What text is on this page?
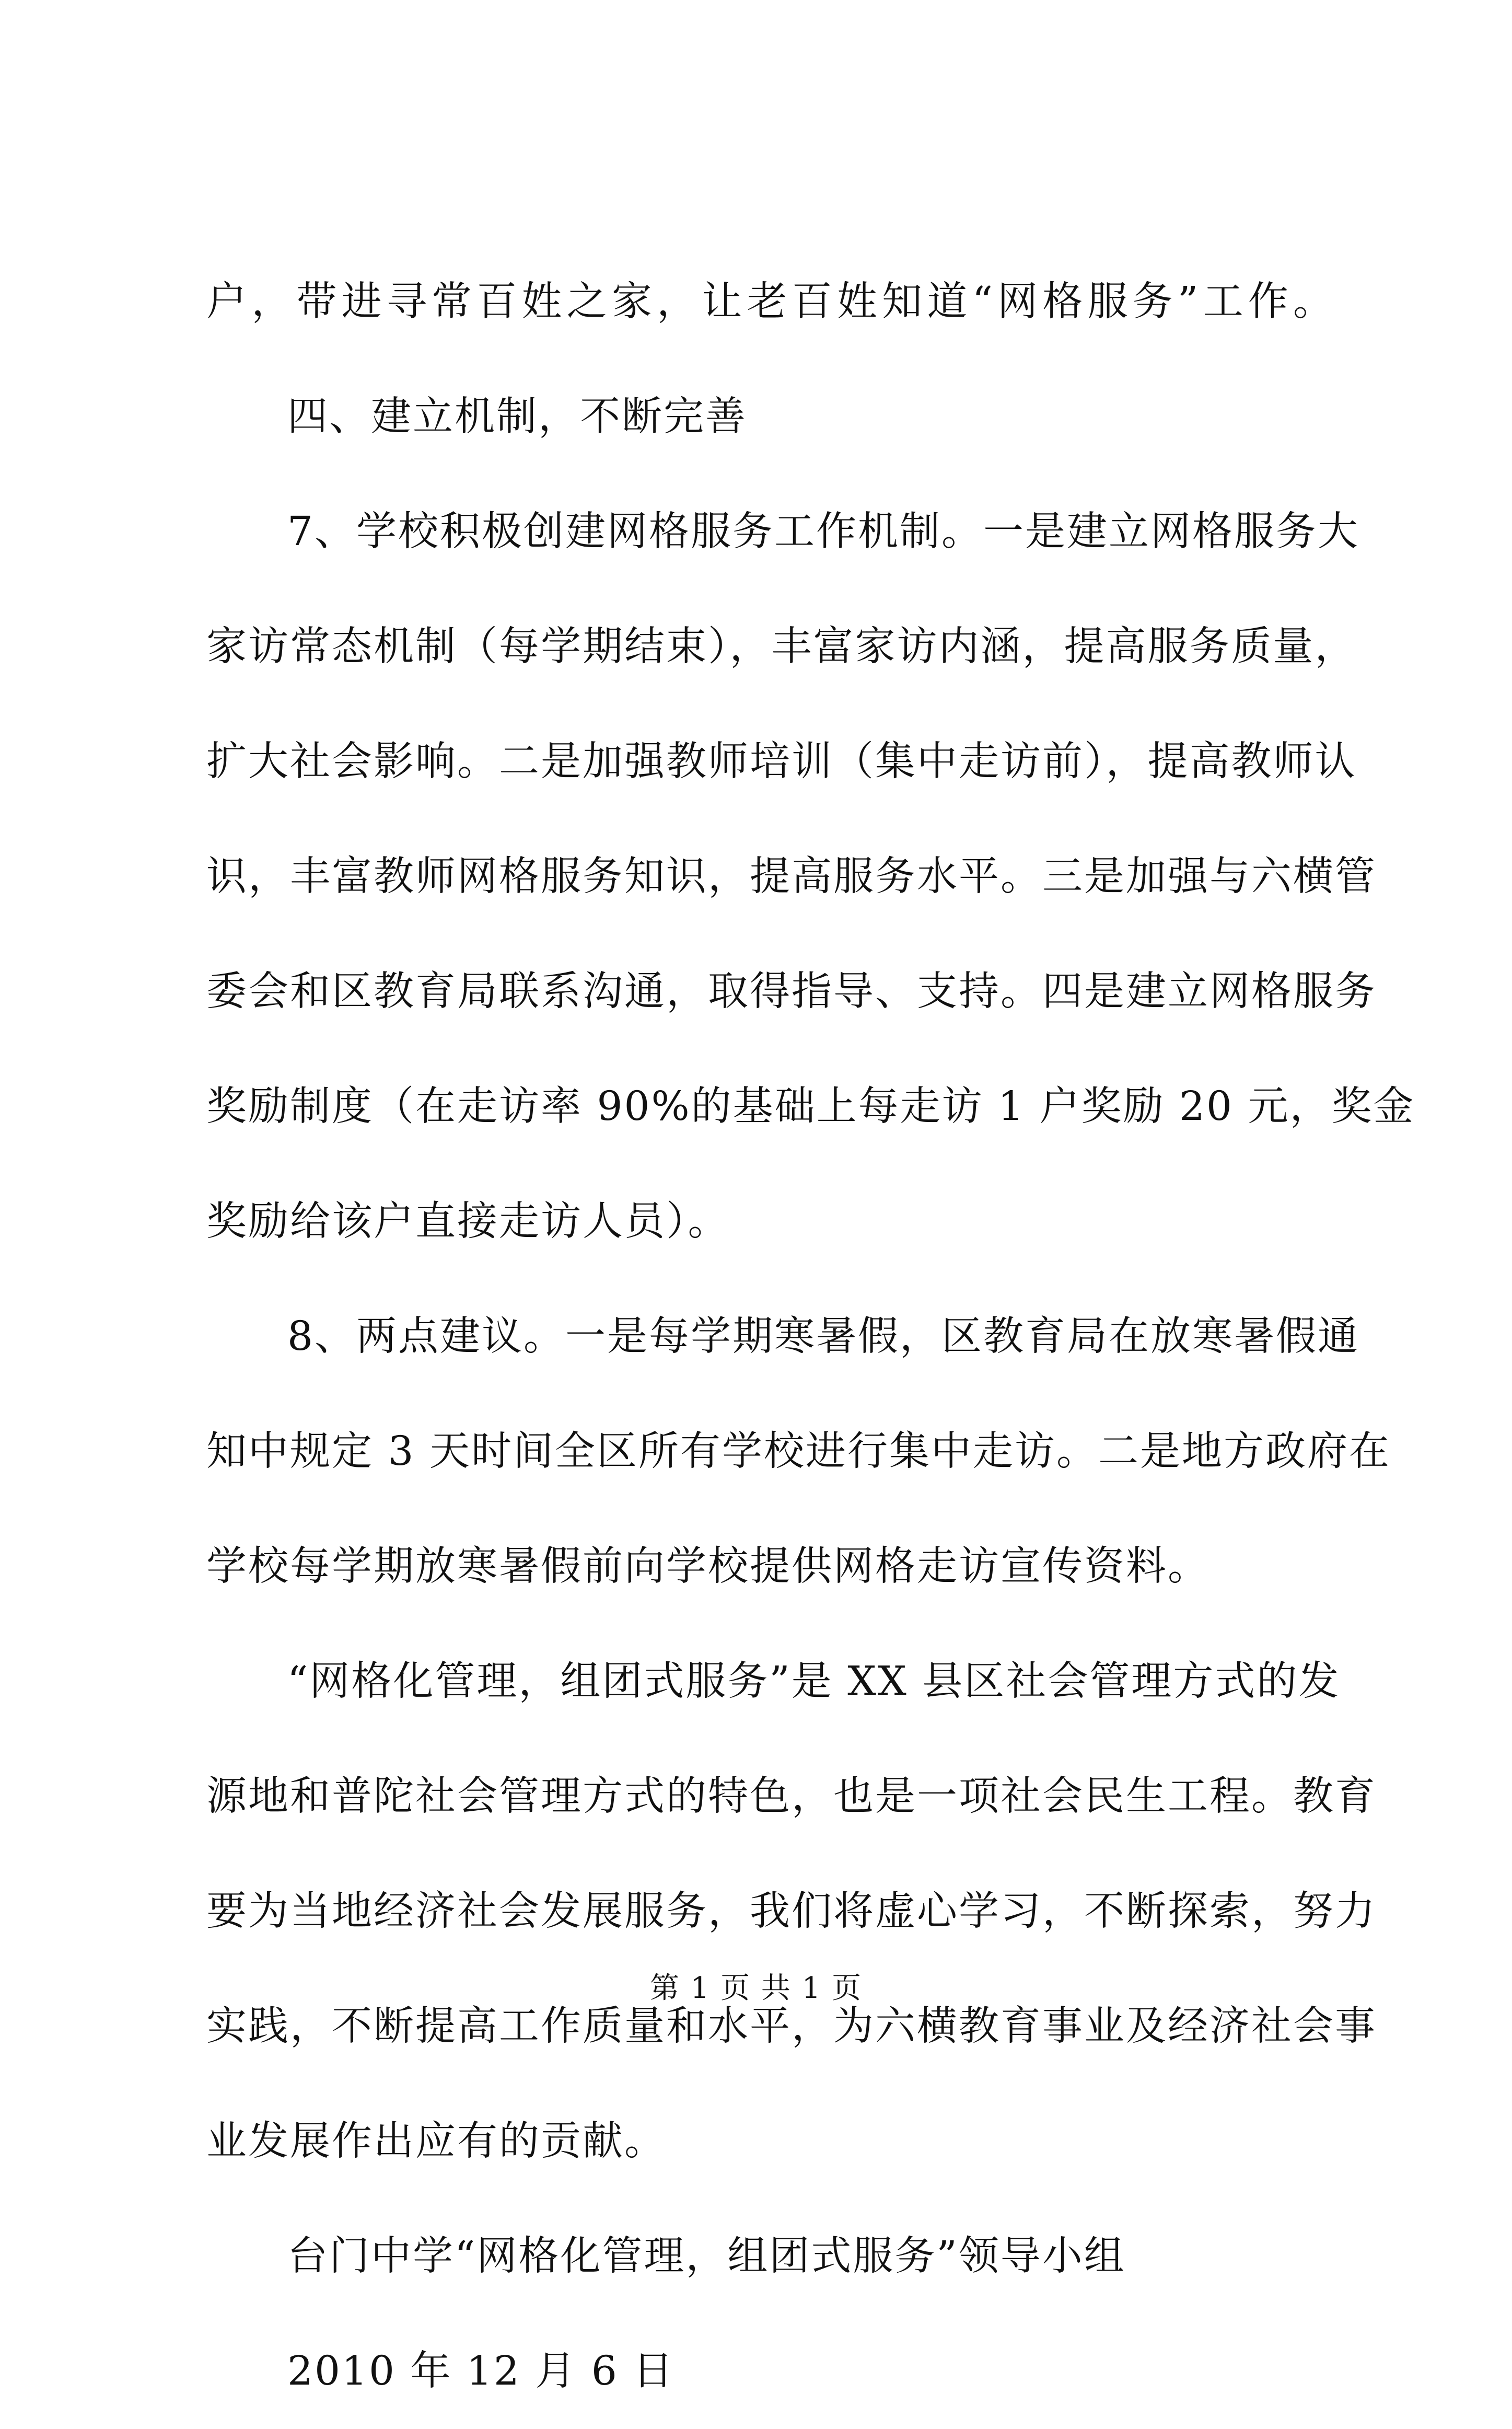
户，带进寻常百姓之家，让老百姓知道“网格服务”工作。
四、建立机制，不断完善
7、学校积极创建网格服务工作机制。一是建立网格服务大
家访常态机制（每学期结束），丰富家访内涵，提高服务质量，
扩大社会影响。二是加强教师培训（集中走访前），提高教师认
识，丰富教师网格服务知识，提高服务水平。三是加强与六横管
委会和区教育局联系沟通，取得指导、支持。四是建立网格服务
奖励制度（在走访率 90%的基础上每走访 1 户奖励 20 元，奖金
奖励给该户直接走访人员）。
8、两点建议。一是每学期寒暑假，区教育局在放寒暑假通
知中规定 3 天时间全区所有学校进行集中走访。二是地方政府在
学校每学期放寒暑假前向学校提供网格走访宣传资料。
“网格化管理，组团式服务”是 XX 县区社会管理方式的发
源地和普陀社会管理方式的特色，也是一项社会民生工程。教育
要为当地经济社会发展服务，我们将虚心学习，不断探索，努力
实践，不断提高工作质量和水平，为六横教育事业及经济社会事
业发展作出应有的贡献。
台门中学“网格化管理，组团式服务”领导小组
2010 年 12 月 6 日
第 1 页 共 1 页
